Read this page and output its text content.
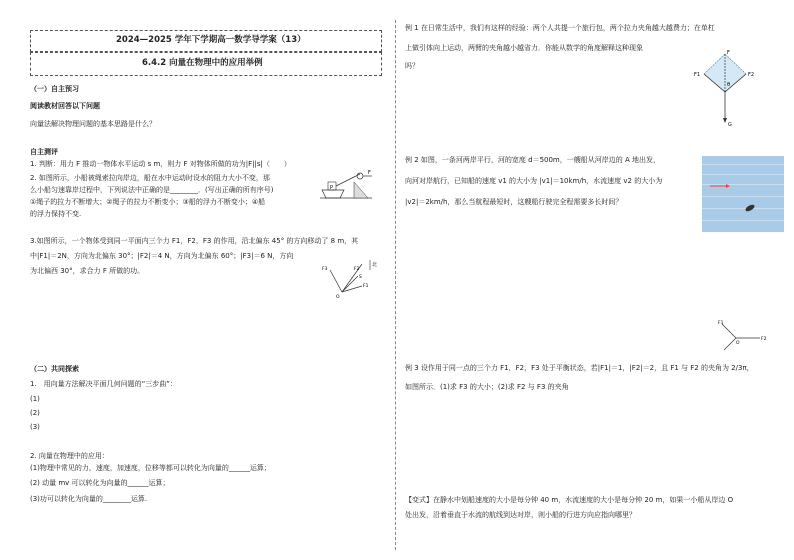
2024—2025 学年下学期高一数学导学案（13）
6.4.2 向量在物理中的应用举例
（一）自主预习
阅读教材回答以下问题
向量法解决物理问题的基本思路是什么？
自主测评
1. 判断：用力 F 推动一物体水平运动 s m，则力 F 对物体所做的功为|F||s|（　　）
2. 如图所示，小船被绳索拉向岸边，船在水中运动时设水的阻力大小不变，那
么小船匀速靠岸过程中，下列说法中正确的是________．(写出正确的所有序号)
①绳子的拉力不断增大；②绳子的拉力不断变小；③船的浮力不断变小；④船
的浮力保持不变.
P
F
3.如图所示，一个物体受到同一平面内三个力 F1，F2，F3 的作用，沿北偏东 45° 的方向移动了 8 m，其
中|F1|＝2N，方向为北偏东 30°；|F2|＝4 N，方向为北偏东 60°；|F3|＝6 N，方向
为北偏西 30°，求合力 F 所做的功。
北
F3	F2
S
F1
O
（二）共同探索
1.　用向量方法解决平面几何问题的“三步曲”：
(1)
(2)
(3)
2. 向量在物理中的应用：
(1)物理中常见的力，速度，加速度，位移等都可以转化为向量的______运算；
(2) 动量 mv 可以转化为向量的______运算；
(3)功可以转化为向量的________运算.
例 1 在日常生活中，我们有这样的经验：两个人共提一个旅行包，两个拉力夹角越大越费力；在单杠
上做引体向上运动，两臂的夹角越小越省力．你能从数学的角度解释这种现象
吗？
F
F1	F2
θ
G
例 2 如图，一条河两岸平行，河的宽度 d＝500m，一艘船从河岸边的 A 地出发，
向河对岸航行，已知船的速度 v1 的大小为 |v1|＝10km/h，水流速度 v2 的大小为
|v2|＝2km/h，那么当航程最短时，这艘船行驶完全程需要多长时间？
F1
F2
O
例 3 设作用于同一点的三个力 F1，F2，F3 处于平衡状态，若|F1|＝1，|F2|＝2，且 F1 与 F2 的夹角为 2/3π，
如图所示．(1)求 F3 的大小；(2)求 F2 与 F3 的夹角
【变式】在静水中划船速度的大小是每分钟 40 m，水流速度的大小是每分钟 20 m，如果一小船从岸边 O
处出发，沿着垂直于水流的航线到达对岸，则小船的行进方向应指向哪里？
